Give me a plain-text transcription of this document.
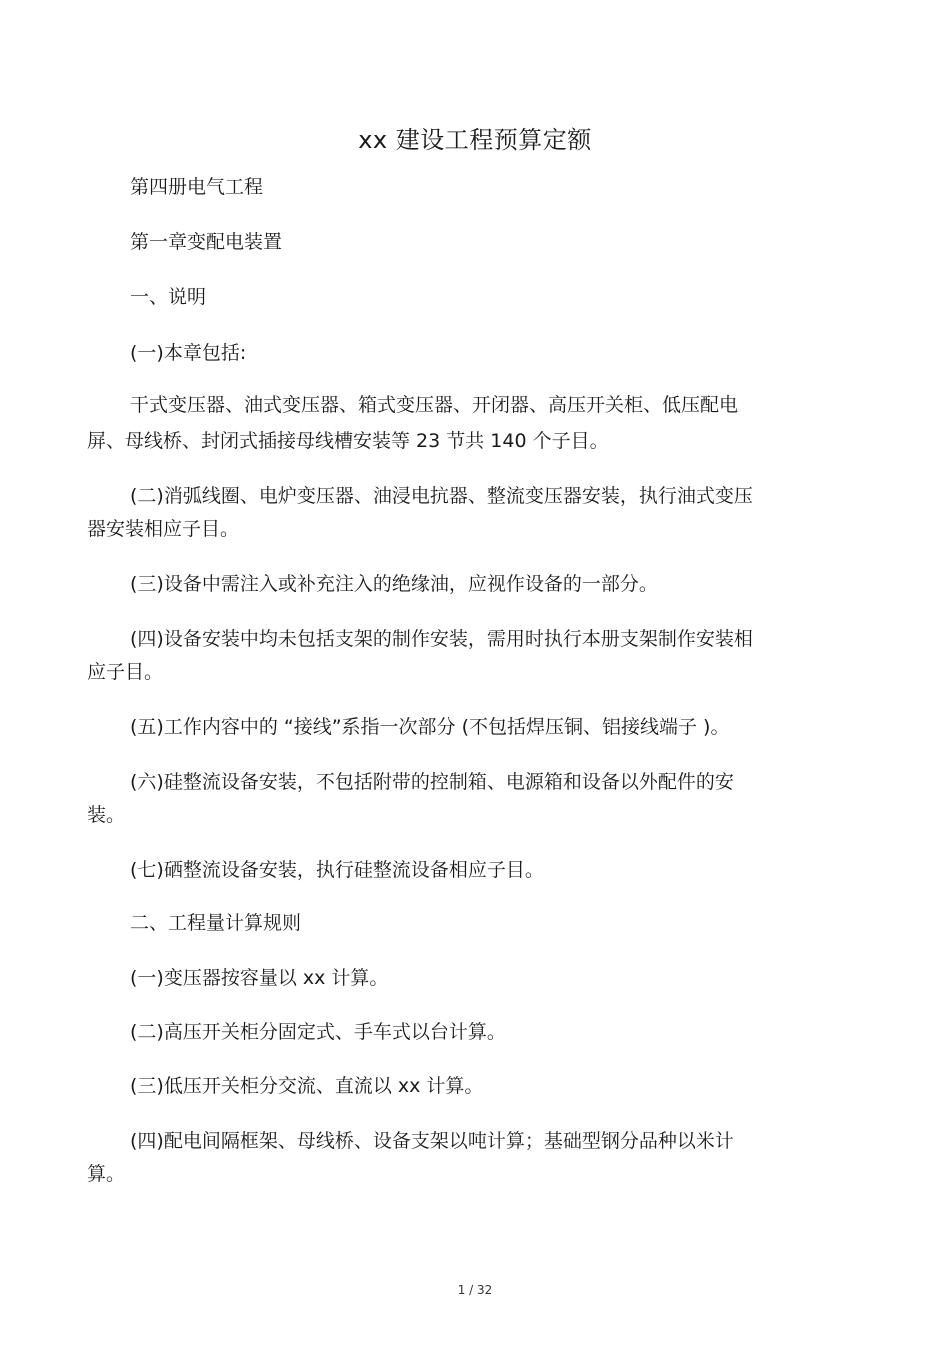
xx 建设工程预算定额
第四册电气工程
第一章变配电装置
一、说明
(一)本章包括:
干式变压器、油式变压器、箱式变压器、开闭器、高压开关柜、低压配电
屏、母线桥、封闭式插接母线槽安装等 23 节共 140 个子目。
(二)消弧线圈、电炉变压器、油浸电抗器、整流变压器安装，执行油式变压
器安装相应子目。
(三)设备中需注入或补充注入的绝缘油，应视作设备的一部分。
(四)设备安装中均未包括支架的制作安装，需用时执行本册支架制作安装相
应子目。
(五)工作内容中的 “接线”系指一次部分 (不包括焊压铜、铝接线端子 )。
(六)硅整流设备安装，不包括附带的控制箱、电源箱和设备以外配件的安
装。
(七)硒整流设备安装，执行硅整流设备相应子目。
二、工程量计算规则
(一)变压器按容量以 xx 计算。
(二)高压开关柜分固定式、手车式以台计算。
(三)低压开关柜分交流、直流以 xx 计算。
(四)配电间隔框架、母线桥、设备支架以吨计算；基础型钢分品种以米计
算。
1 / 32
